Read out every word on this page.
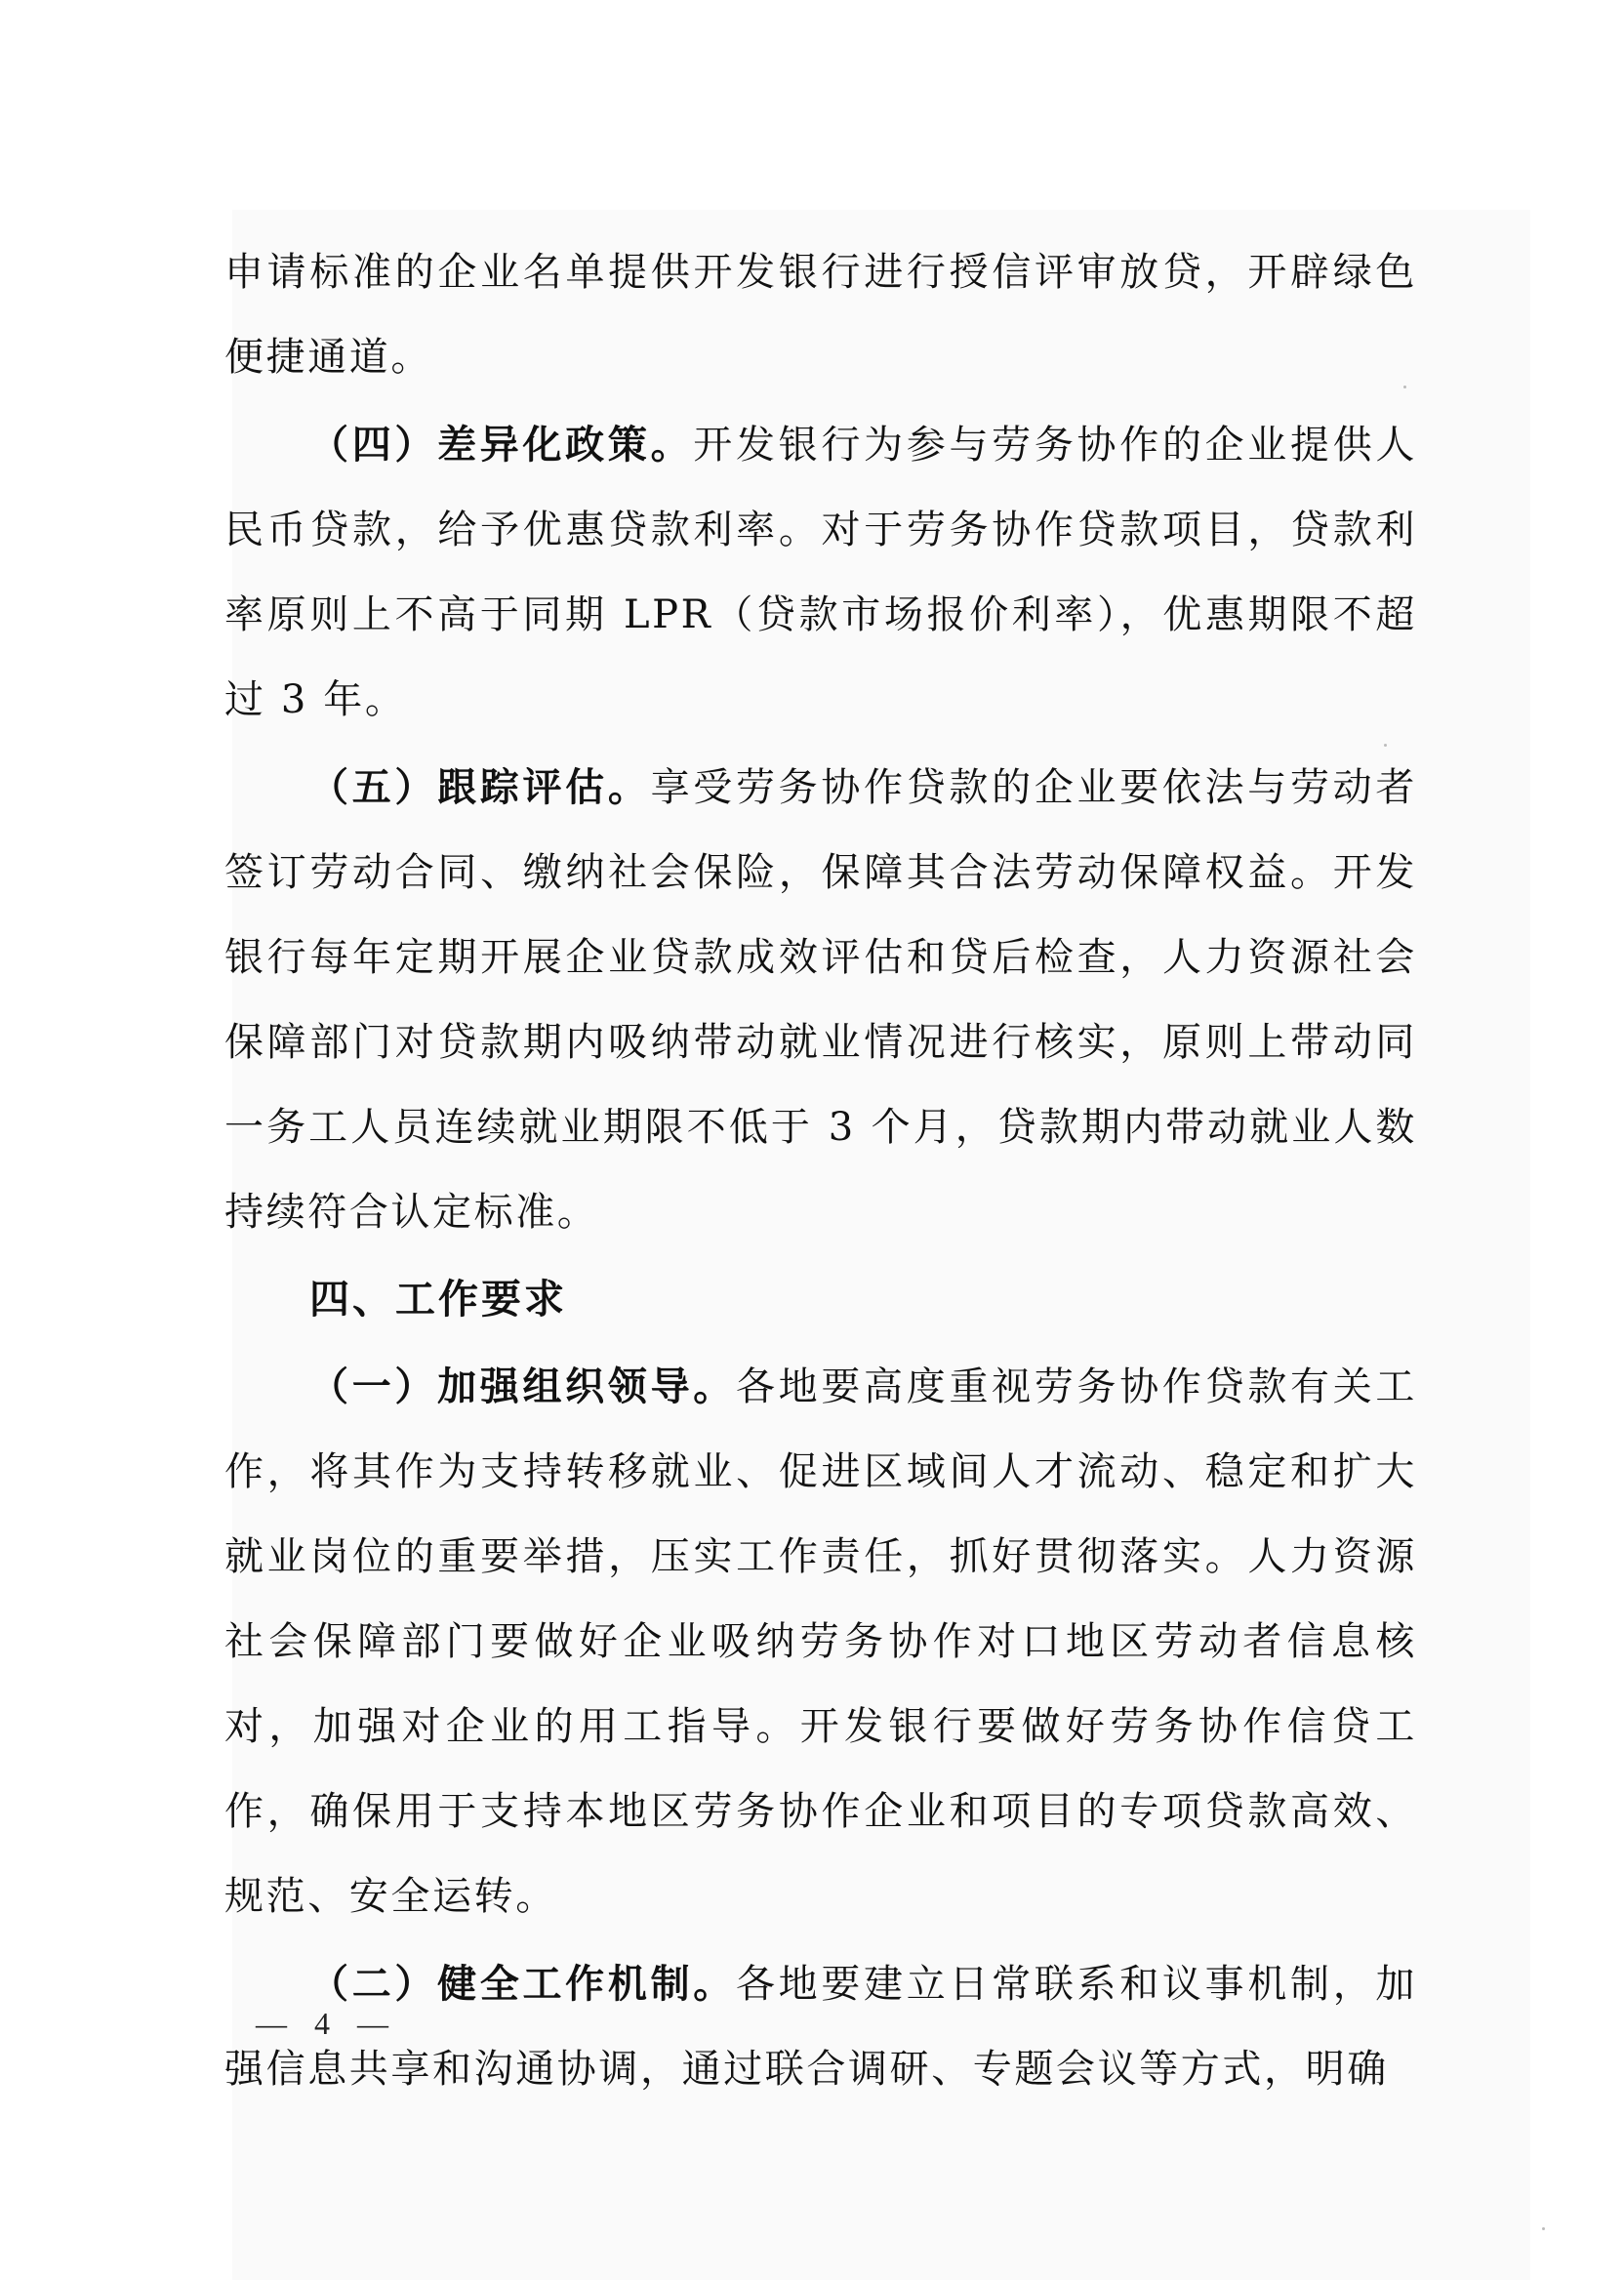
申请标准的企业名单提供开发银行进行授信评审放贷，开辟绿色便捷通道。

（四）差异化政策。开发银行为参与劳务协作的企业提供人民币贷款，给予优惠贷款利率。对于劳务协作贷款项目，贷款利率原则上不高于同期 LPR（贷款市场报价利率），优惠期限不超过 3 年。

（五）跟踪评估。享受劳务协作贷款的企业要依法与劳动者签订劳动合同、缴纳社会保险，保障其合法劳动保障权益。开发银行每年定期开展企业贷款成效评估和贷后检查，人力资源社会保障部门对贷款期内吸纳带动就业情况进行核实，原则上带动同一务工人员连续就业期限不低于 3 个月，贷款期内带动就业人数持续符合认定标准。

四、工作要求

（一）加强组织领导。各地要高度重视劳务协作贷款有关工作，将其作为支持转移就业、促进区域间人才流动、稳定和扩大就业岗位的重要举措，压实工作责任，抓好贯彻落实。人力资源社会保障部门要做好企业吸纳劳务协作对口地区劳动者信息核对，加强对企业的用工指导。开发银行要做好劳务协作信贷工作，确保用于支持本地区劳务协作企业和项目的专项贷款高效、规范、安全运转。

（二）健全工作机制。各地要建立日常联系和议事机制，加强信息共享和沟通协调，通过联合调研、专题会议等方式，明确

— 4 —
